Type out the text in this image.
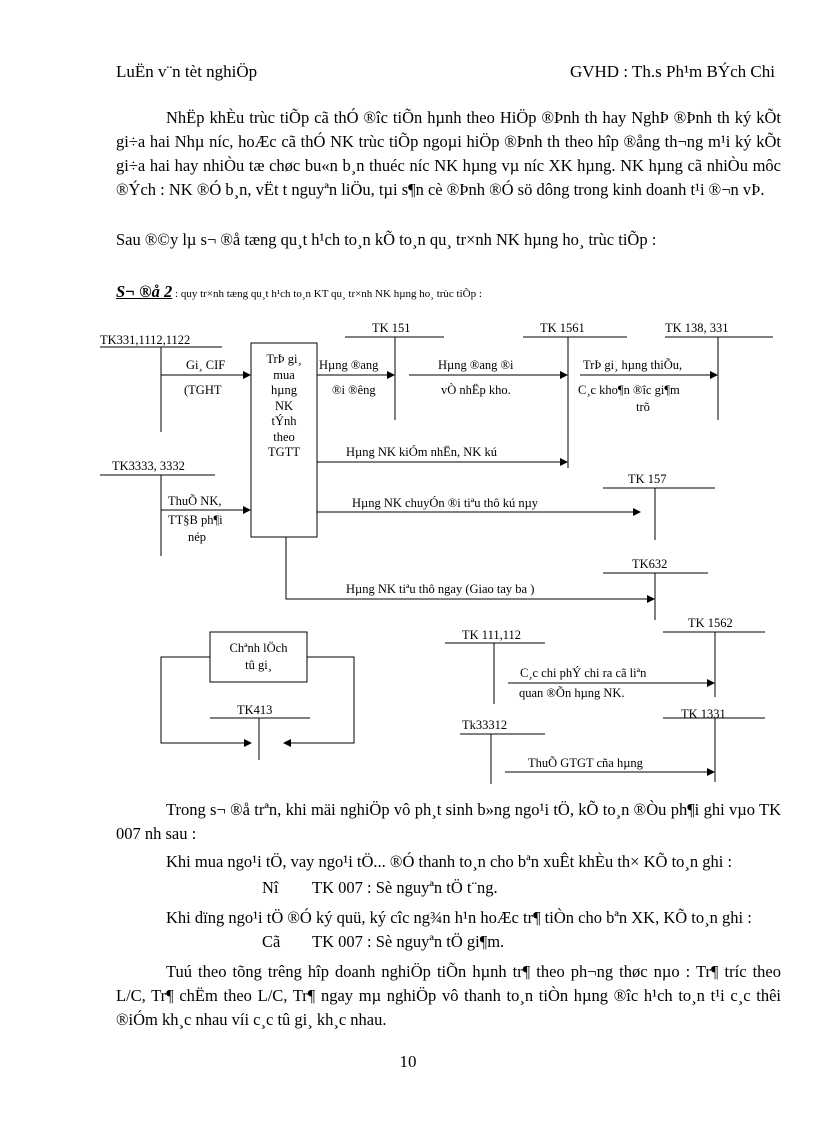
LuËn v¨n tèt nghiÖp	GVHD : Th.s Ph¹m BÝch Chi

NhËp khÈu trùc tiÕp cã thÓ ®îc tiÕn hµnh theo HiÖp ®Þnh th hay NghÞ ®Þnh th ký kÕt gi÷a hai Nhµ níc, hoÆc cã thÓ NK trùc tiÕp ngoµi hiÖp ®Þnh th theo hîp ®ång th¬ng m¹i ký kÕt gi÷a hai hay nhiÒu tæ chøc bu«n b¸n thuéc níc NK hµng vµ níc XK hµng. NK hµng cã nhiÒu môc ®Ých : NK ®Ó b¸n, vËt t nguyªn liÖu, tµi s¶n cè ®Þnh ®Ó sö dông trong kinh doanh t¹i ®¬n vÞ.

Sau ®©y lµ s¬ ®å tæng qu¸t h¹ch to¸n kÕ to¸n qu¸ tr×nh NK hµng ho¸ trùc tiÕp :
S¬ ®å 2 : quy tr×nh tæng qu¸t h¹ch to¸n KT qu¸ tr×nh NK hµng ho¸ trùc tiÕp :
TK331,1112,1122
TK 151	TK 1561	TK 138, 331
TK3333, 3332
TK 157
TK632
TK 1562
TK 111,112
TK413
Tk33312
TK 1331
Gi¸ CIF
(TGHT
TrÞ gi¸
mua
hµng
NK
tÝnh
theo
TGTT
Hµng ®ang
®i ®êng
Hµng ®ang ®i
vÒ nhËp kho.
TrÞ gi¸ hµng thiÕu,
C¸c kho¶n ®îc gi¶m
trõ
Hµng NK kiÓm nhËn, NK kú
ThuÕ NK,
TT§B ph¶i
nép
Hµng NK chuyÓn ®i tiªu thô kú nµy
Hµng NK tiªu thô ngay (Giao tay ba )
Chªnh lÖch
tû gi¸
C¸c chi phÝ chi ra cã liªn
quan ®Õn hµng NK.
ThuÕ GTGT cña hµng

Trong s¬ ®å trªn, khi mäi nghiÖp vô ph¸t sinh b»ng ngo¹i tÖ, kÕ to¸n ®Òu ph¶i ghi vµo TK 007 nh sau :

Khi mua ngo¹i tÖ, vay ngo¹i tÖ... ®Ó thanh to¸n cho bªn xuÊt khÈu th× KÕ to¸n ghi :

Nî TK 007 : Sè nguyªn tÖ t¨ng.

Khi dïng ngo¹i tÖ ®Ó ký quü, ký cîc ng¾n h¹n hoÆc tr¶ tiÒn cho bªn XK, KÕ to¸n ghi :

Cã TK 007 : Sè nguyªn tÖ gi¶m.

Tuú theo tõng trêng hîp doanh nghiÖp tiÕn hµnh tr¶ theo ph¬ng thøc nµo : Tr¶ tríc theo L/C, Tr¶ chËm theo L/C, Tr¶ ngay mµ nghiÖp vô thanh to¸n tiÒn hµng ®îc h¹ch to¸n t¹i c¸c thêi ®iÓm kh¸c nhau víi c¸c tû gi¸ kh¸c nhau.

10
